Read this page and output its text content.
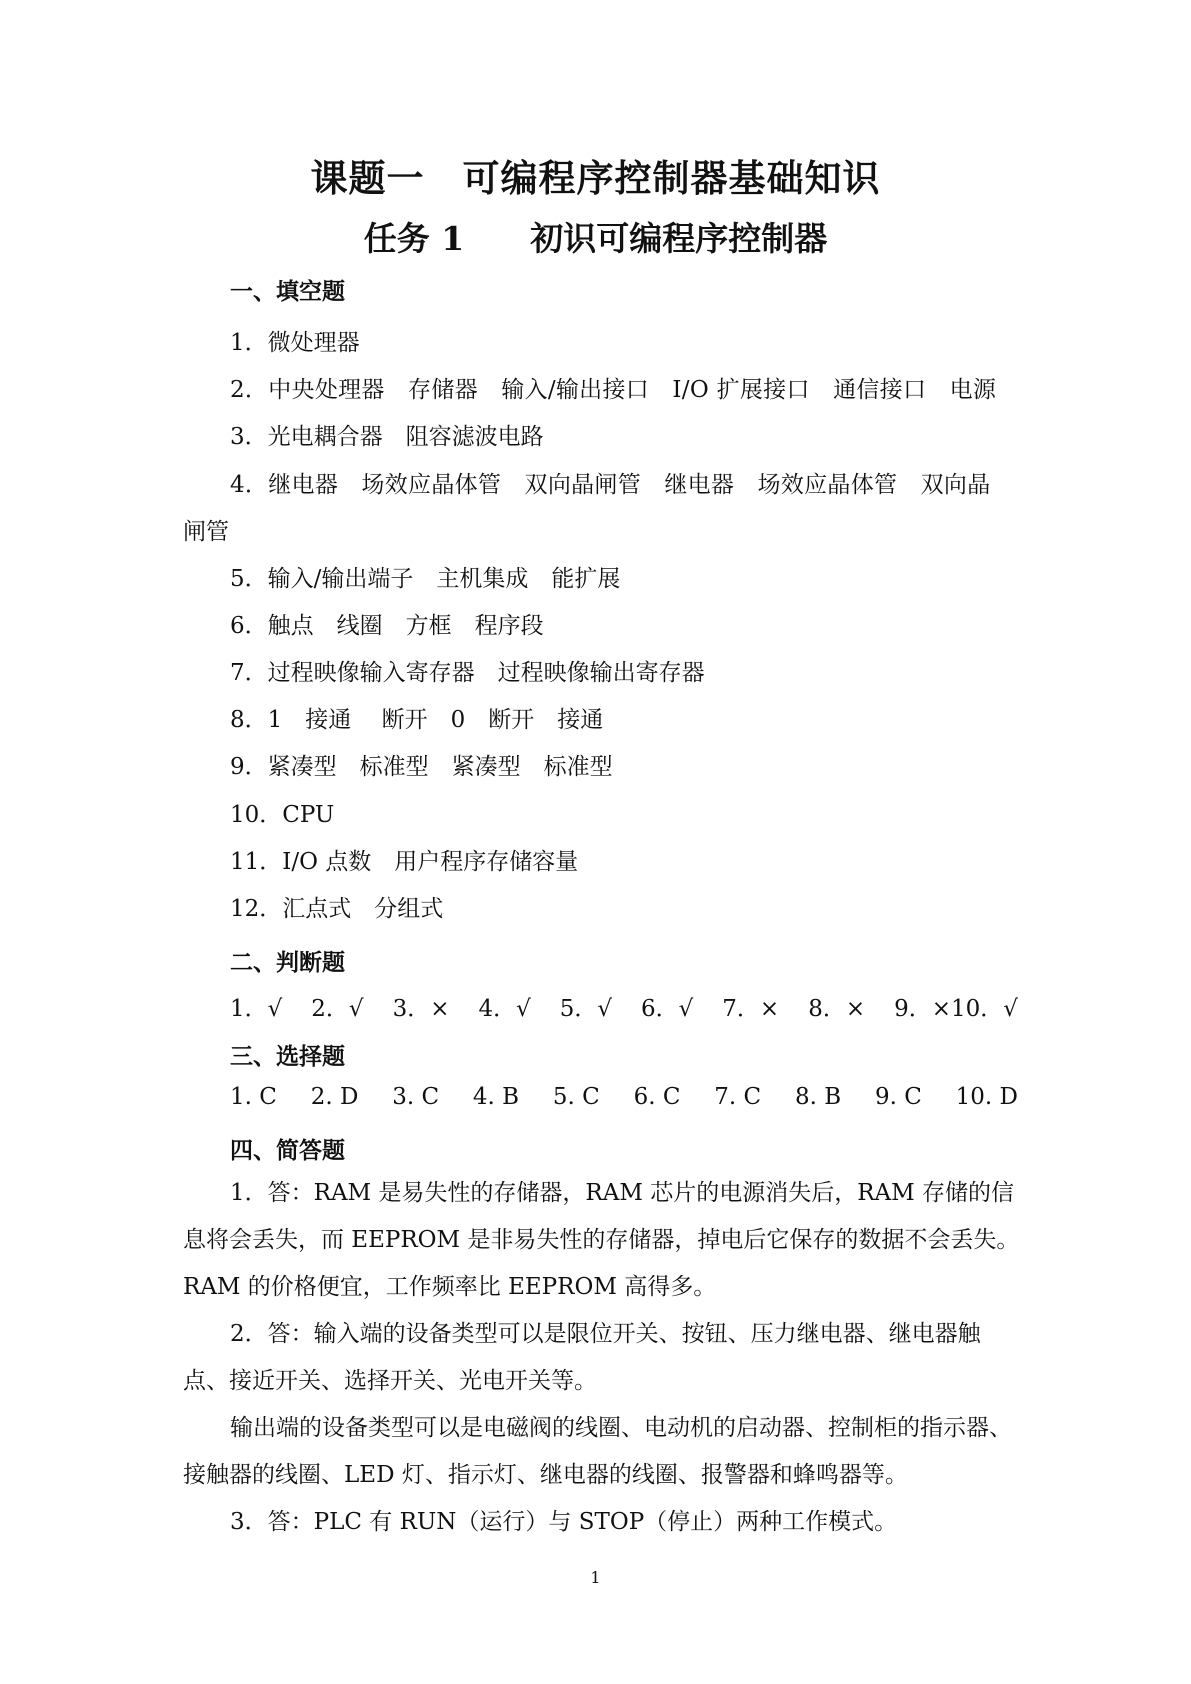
课题一　可编程序控制器基础知识
任务 1　　初识可编程序控制器
一、填空题
1．微处理器
2．中央处理器　存储器　输入/输出接口　I/O 扩展接口　通信接口　电源
3．光电耦合器　阻容滤波电路
4．继电器　场效应晶体管　双向晶闸管　继电器　场效应晶体管　双向晶
闸管
5．输入/输出端子　主机集成　能扩展
6．触点　线圈　方框　程序段
7．过程映像输入寄存器　过程映像输出寄存器
8．1　接通　 断开　0　断开　接通
9．紧凑型　标准型　紧凑型　标准型
10．CPU
11．I/O 点数　用户程序存储容量
12．汇点式　分组式
二、判断题
1．√ 2．√ 3．× 4．√ 5．√ 6．√ 7．× 8．× 9．×10．√
三、选择题
1. C 2. D 3. C 4. B 5. C 6. C 7. C 8. B 9. C 10. D
四、简答题
1．答：RAM 是易失性的存储器，RAM 芯片的电源消失后，RAM 存储的信
息将会丢失，而 EEPROM 是非易失性的存储器，掉电后它保存的数据不会丢失。
RAM 的价格便宜，工作频率比 EEPROM 高得多。
2．答：输入端的设备类型可以是限位开关、按钮、压力继电器、继电器触
点、接近开关、选择开关、光电开关等。
输出端的设备类型可以是电磁阀的线圈、电动机的启动器、控制柜的指示器、
接触器的线圈、LED 灯、指示灯、继电器的线圈、报警器和蜂鸣器等。
3．答：PLC 有 RUN（运行）与 STOP（停止）两种工作模式。
1
